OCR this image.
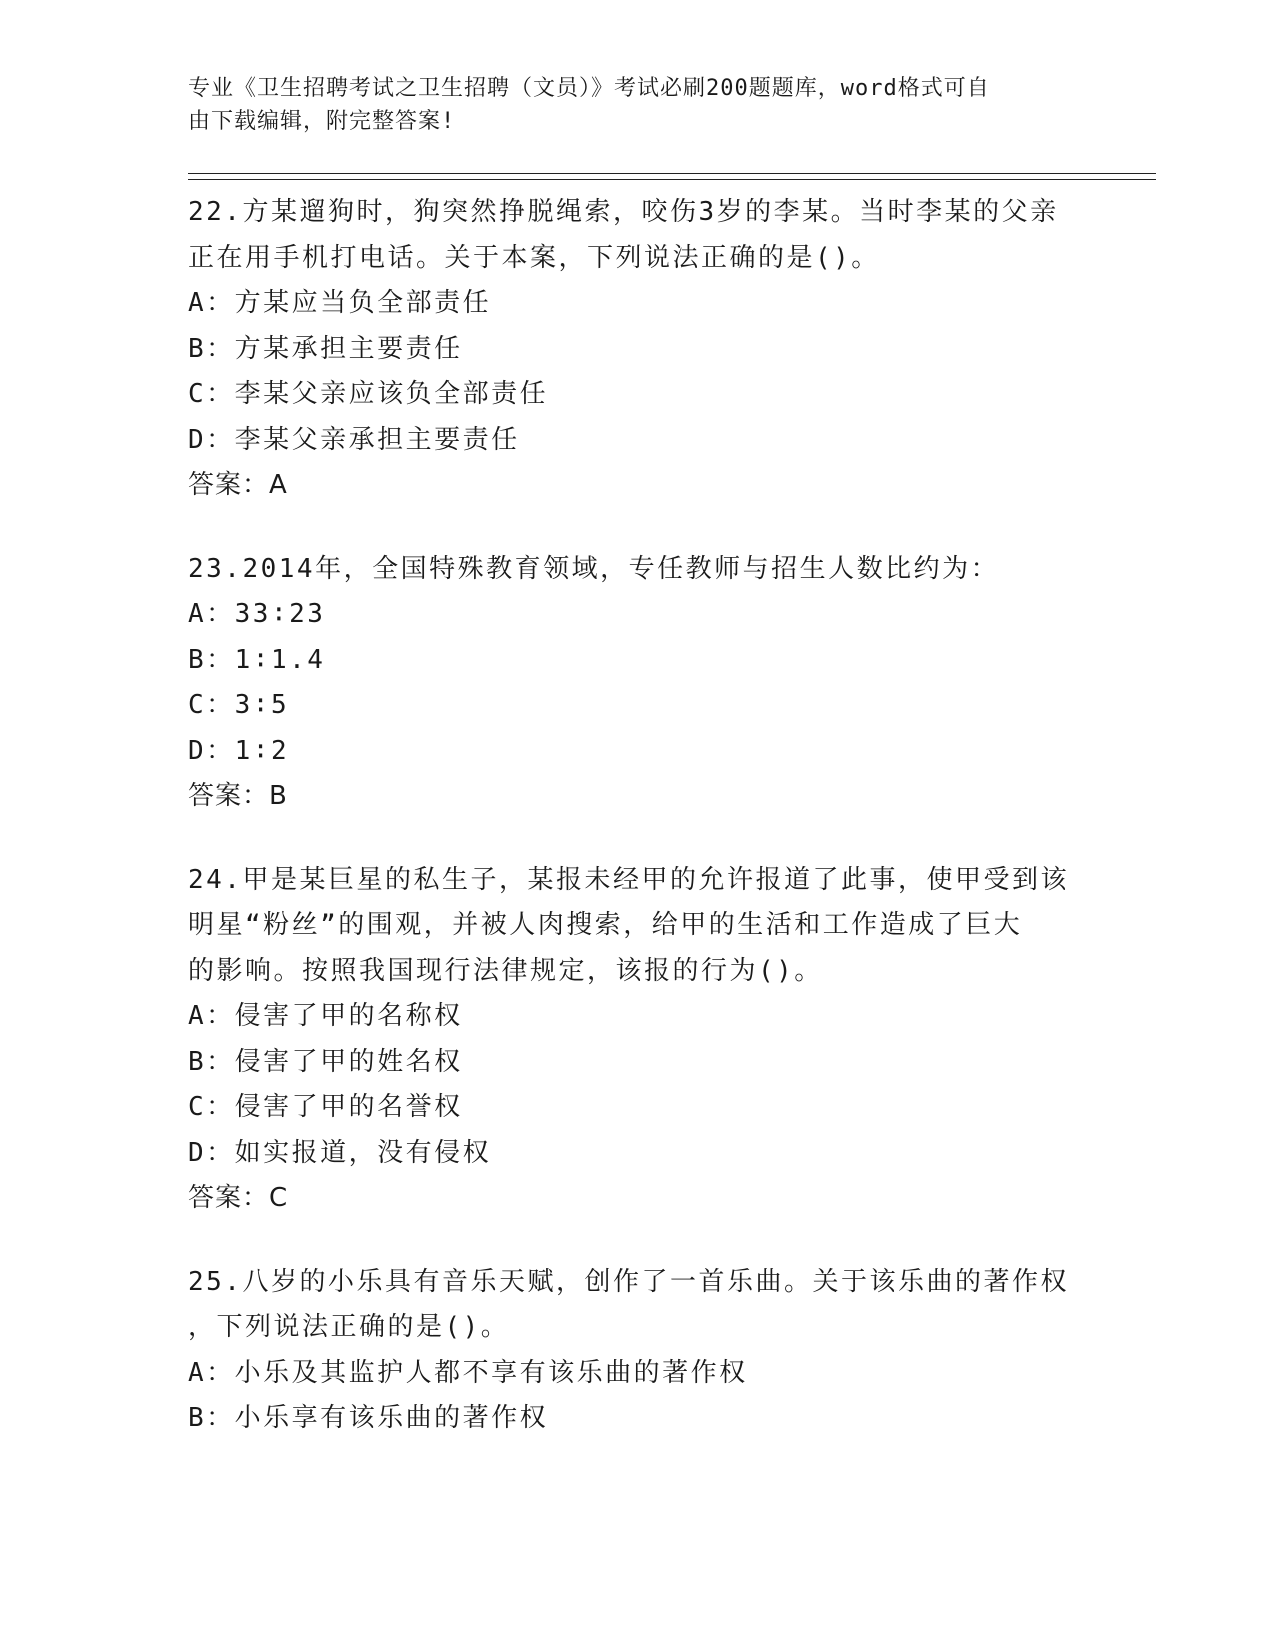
专业《卫生招聘考试之卫生招聘（文员）》考试必刷200题题库，word格式可自
由下载编辑，附完整答案!

22.方某遛狗时，狗突然挣脱绳索，咬伤3岁的李某。当时李某的父亲
正在用手机打电话。关于本案，下列说法正确的是()。

A：方某应当负全部责任

B：方某承担主要责任

C：李某父亲应该负全部责任

D：李某父亲承担主要责任

答案：A

23.2014年，全国特殊教育领域，专任教师与招生人数比约为：

A：33∶23

B：1∶1.4

C：3∶5

D：1∶2

答案：B

24.甲是某巨星的私生子，某报未经甲的允许报道了此事，使甲受到该
明星“粉丝”的围观，并被人肉搜索，给甲的生活和工作造成了巨大
的影响。按照我国现行法律规定，该报的行为()。

A：侵害了甲的名称权

B：侵害了甲的姓名权

C：侵害了甲的名誉权

D：如实报道，没有侵权

答案：C

25.八岁的小乐具有音乐天赋，创作了一首乐曲。关于该乐曲的著作权
，下列说法正确的是()。

A：小乐及其监护人都不享有该乐曲的著作权

B：小乐享有该乐曲的著作权
